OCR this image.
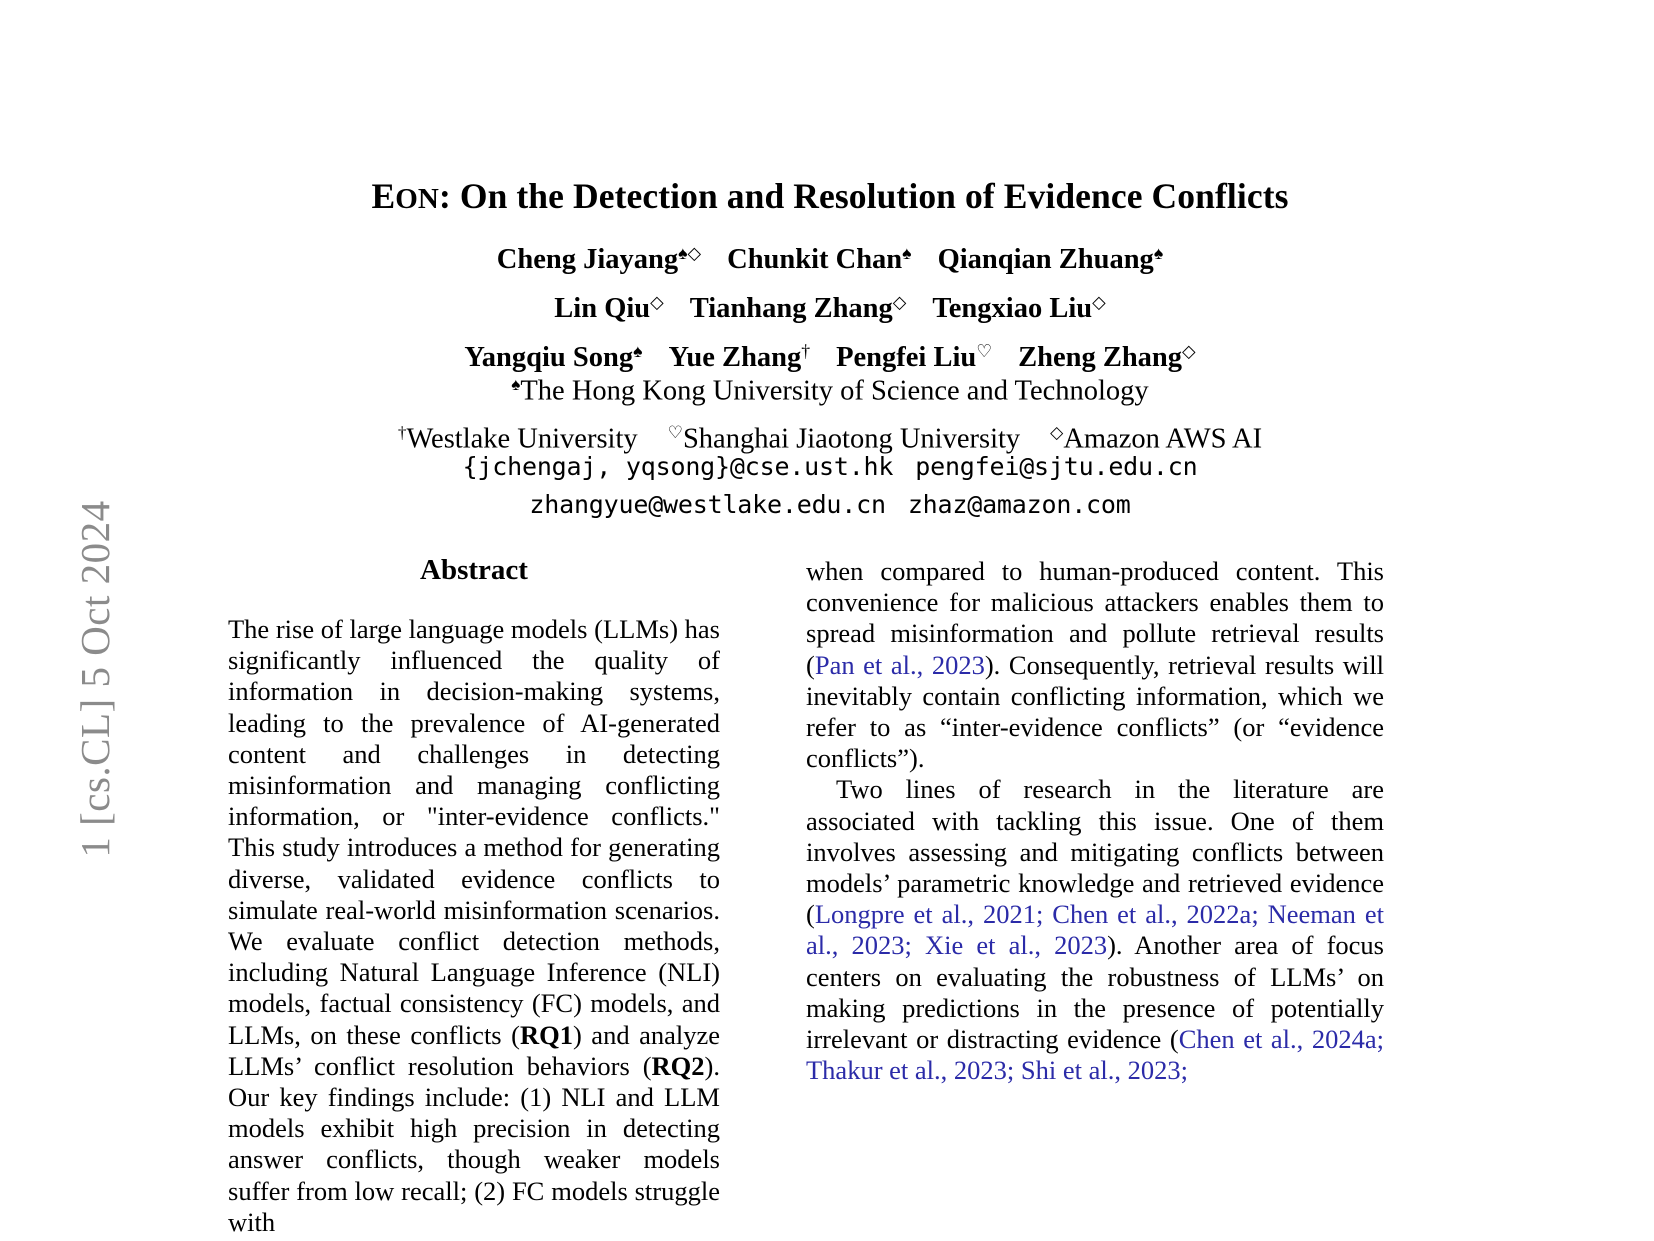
1 [cs.CL] 5 Oct 2024
EON: On the Detection and Resolution of Evidence Conflicts
Cheng Jiayang♠◇ Chunkit Chan♠ Qianqian Zhuang♠
Lin Qiu◇ Tianhang Zhang◇ Tengxiao Liu◇
Yangqiu Song♠ Yue Zhang† Pengfei Liu♡ Zheng Zhang◇
♠The Hong Kong University of Science and Technology
†Westlake University ♡Shanghai Jiaotong University ◇Amazon AWS AI
{jchengaj, yqsong}@cse.ust.hk pengfei@sjtu.edu.cn
zhangyue@westlake.edu.cn zhaz@amazon.com
Abstract

The rise of large language models (LLMs) has significantly influenced the quality of information in decision-making systems, leading to the prevalence of AI-generated content and challenges in detecting misinformation and managing conflicting information, or "inter-evidence conflicts." This study introduces a method for generating diverse, validated evidence conflicts to simulate real-world misinformation scenarios. We evaluate conflict detection methods, including Natural Language Inference (NLI) models, factual consistency (FC) models, and LLMs, on these conflicts (RQ1) and analyze LLMs’ conflict resolution behaviors (RQ2). Our key findings include: (1) NLI and LLM models exhibit high precision in detecting answer conflicts, though weaker models suffer from low recall; (2) FC models struggle with

when compared to human-produced content. This convenience for malicious attackers enables them to spread misinformation and pollute retrieval results (Pan et al., 2023). Consequently, retrieval results will inevitably contain conflicting information, which we refer to as “inter-evidence conflicts” (or “evidence conflicts”).

Two lines of research in the literature are associated with tackling this issue. One of them involves assessing and mitigating conflicts between models’ parametric knowledge and retrieved evidence (Longpre et al., 2021; Chen et al., 2022a; Neeman et al., 2023; Xie et al., 2023). Another area of focus centers on evaluating the robustness of LLMs’ on making predictions in the presence of potentially irrelevant or distracting evidence (Chen et al., 2024a; Thakur et al., 2023; Shi et al., 2023;
